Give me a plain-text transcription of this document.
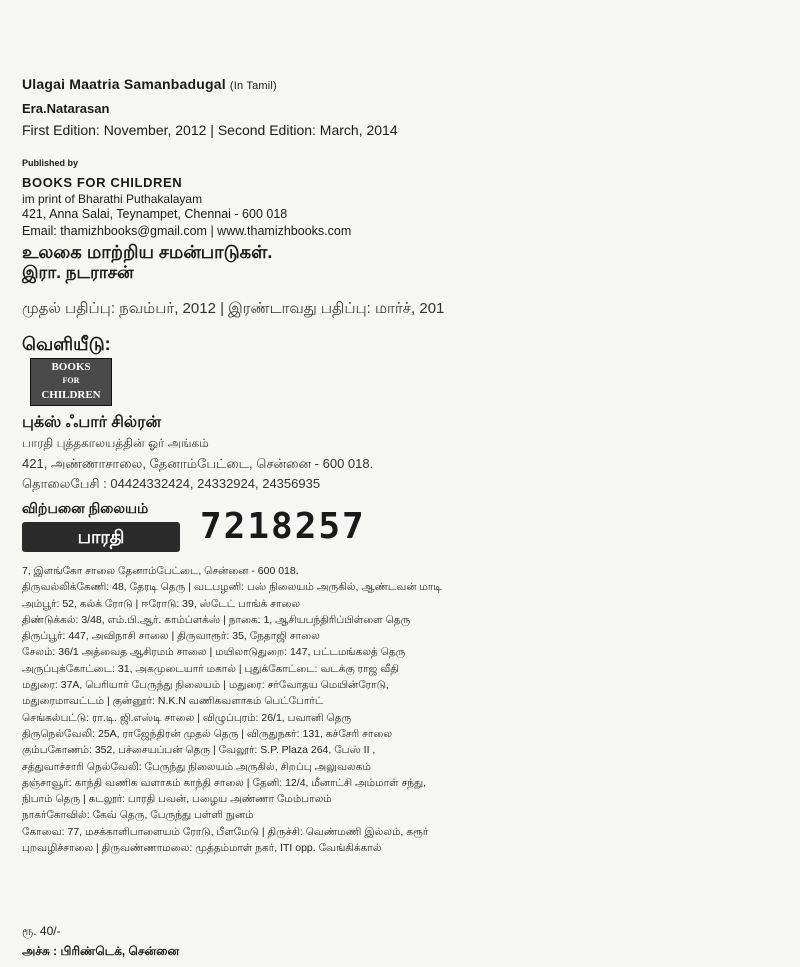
Ulagai Maatria Samanbadugal (In Tamil)
Era.Natarasan
First Edition: November, 2012 | Second Edition: March, 2014
Published by
BOOKS FOR CHILDREN
im print of Bharathi Puthakalayam
421, Anna Salai, Teynampet, Chennai - 600 018
Email: thamizhbooks@gmail.com | www.thamizhbooks.com
உலகை மாற்றிய சமன்பாடுகள்.
இரா. நடராசன்
முதல் பதிப்பு: நவம்பர், 2012 | இரண்டாவது பதிப்பு: மார்ச், 201
வெளியீடு:
BOOKS
FOR
CHILDREN
புக்ஸ் ஃபார் சில்ரன்
பாரதி புத்தகாலயத்தின் ஓர் அங்கம்
421, அண்ணாசாலை, தேனாம்பேட்டை, சென்னை - 600 018.
தொலைபேசி : 04424332424, 24332924, 24356935
விற்பனை நிலையம்
பாரதி	7218257
7, இளங்கோ சாலை தேனாம்பேட்டை, சென்னை - 600 018.
திருவல்லிக்கேணி: 48, தேரடி தெரு | வடபழனி: பஸ் நிலையம் அருகில், ஆண்டவன் மாடி
அம்பூர்: 52, கல்க் ரோடு | ஈரோடு: 39, ஸ்டேட் பாங்க் சாலை
திண்டுக்கல்: 3/48, எம்.பி.ஆர். காம்ப்ளக்ஸ் | நாகை: 1, ஆசியபந்திரிப்பிள்ளை தெரு
திருப்பூர்: 447, அவிநாசி சாலை | திருவாரூர்: 35, நேதாஜி சாலை
சேலம்: 36/1 அத்வைத ஆசிரமம் சாலை | மயிலாடுதுறை: 147, பட்டமங்கலத் தெரு
அருப்புக்கோட்டை: 31, அகமுடையார் மகால் | புதுக்கோட்டை: வடக்கு ராஜ வீதி
மதுரை: 37A, பெரியார் பேருந்து நிலையம் | மதுரை: சர்வோதய மெயின்ரோடு,
மதுரைமாவட்டம் | குன்னூர்: N.K.N வணிகவளாகம் பெட்போர்ட்
செங்கல்பட்டு: ரா.டி. ஜி.எஸ்டி சாலை | விழுப்புரம்: 26/1, பவானி தெரு
திருநெல்வேலி: 25A, ராஜேந்திரன் முதல் தெரு | விருதுநகர்: 131, கச்சேரி சாலை
கும்பகோணம்: 352, பச்சையப்பன் தெரு | வேலூர்: S.P. Plaza 264, பேஸ் II ,
சத்துவாச்சாரி நெல்வேலி: பேருந்து நிலையம் அருகில், சிறப்பு அலுவலகம்
தஞ்சாவூர்: காந்தி வணிக வளாகம் காந்தி சாலை | தேனி: 12/4, மீனாட்சி அம்மாள் சந்து,
நிபாம் தெரு | கடலூர்: பாரதி பவன், பழைய அண்ணா மேம்பாலம்
நாகர்கோவில்: கேவ் தெரு, பேருந்து பள்ளி நுனம்
கோவை: 77, மசக்காளிபாளையம் ரோடு, பீளமேடு | திருச்சி: வெண்மணி இல்லம், கரூர்
புறவழிச்சாலை | திருவண்ணாமலை: முத்தம்மாள் நகர், ITI opp. வேங்கிக்கால்
ரூ. 40/-
அச்சு : பிரிண்டெக், சென்னை
